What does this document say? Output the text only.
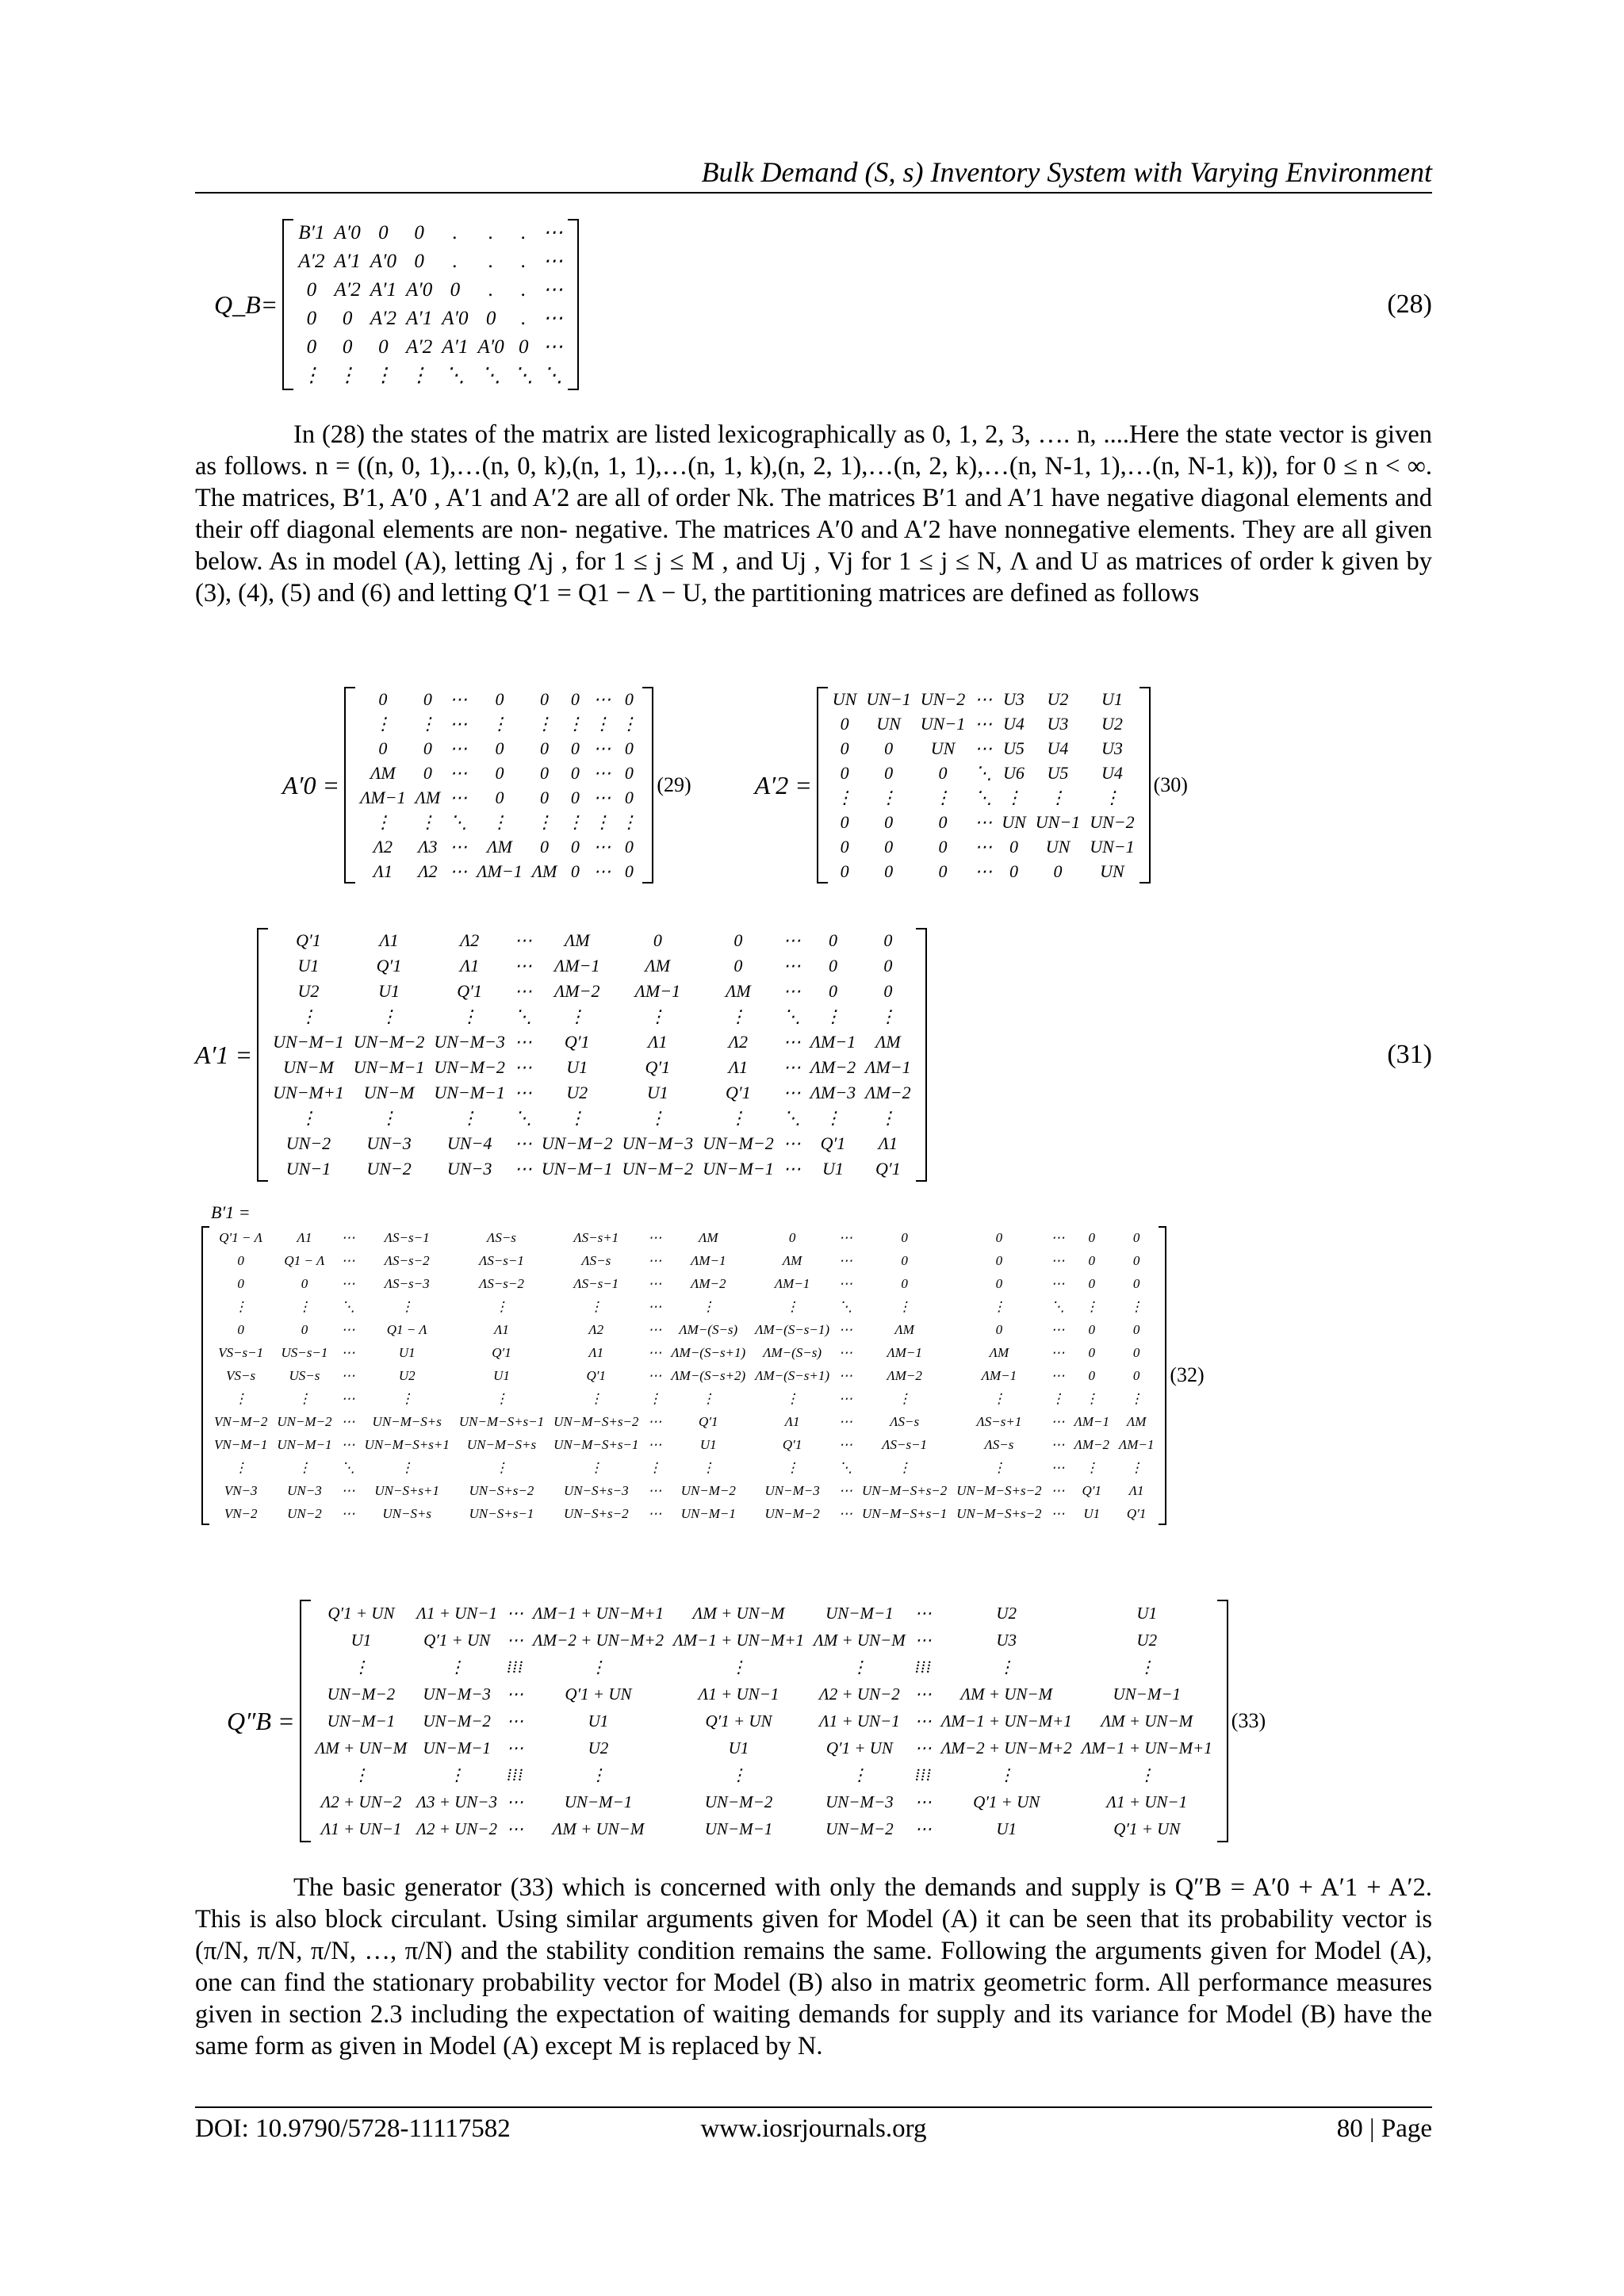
Bulk Demand (S, s) Inventory System with Varying Environment
Q_B=
B′1	A′0	0	0	.	.	.	⋯
A′2	A′1	A′0	0	.	.	.	⋯
0	A′2	A′1	A′0	0	.	.	⋯
0	0	A′2	A′1	A′0	0	.	⋯
0	0	0	A′2	A′1	A′0	0	⋯
⋮	⋮	⋮	⋮	⋱	⋱	⋱	⋱
(28)
In (28) the states of the matrix are listed lexicographically as 0, 1, 2, 3, …. n, ....Here the state vector is given as follows. n = ((n, 0, 1),…(n, 0, k),(n, 1, 1),…(n, 1, k),(n, 2, 1),…(n, 2, k),…(n, N-1, 1),…(n, N-1, k)), for 0 ≤ n < ∞. The matrices, B′1, A′0 , A′1 and A′2 are all of order Nk. The matrices B′1 and A′1 have negative diagonal elements and their off diagonal elements are non- negative. The matrices A′0 and A′2 have nonnegative elements. They are all given below. As in model (A), letting Λj , for 1 ≤ j ≤ M , and Uj , Vj for 1 ≤ j ≤ N, Λ and U as matrices of order k given by (3), (4), (5) and (6) and letting Q′1 = Q1 − Λ − U, the partitioning matrices are defined as follows
A′0 =
0	0	⋯	0	0	0	⋯	0
⋮	⋮	⋯	⋮	⋮	⋮	⋮	⋮
0	0	⋯	0	0	0	⋯	0
ΛM	0	⋯	0	0	0	⋯	0
ΛM−1	ΛM	⋯	0	0	0	⋯	0
⋮	⋮	⋱	⋮	⋮	⋮	⋮	⋮
Λ2	Λ3	⋯	ΛM	0	0	⋯	0
Λ1	Λ2	⋯	ΛM−1	ΛM	0	⋯	0
(29)	A′2 =
UN	UN−1	UN−2	⋯	U3	U2	U1
0	UN	UN−1	⋯	U4	U3	U2
0	0	UN	⋯	U5	U4	U3
0	0	0	⋱	U6	U5	U4
⋮	⋮	⋮	⋱	⋮	⋮	⋮
0	0	0	⋯	UN	UN−1	UN−2
0	0	0	⋯	0	UN	UN−1
0	0	0	⋯	0	0	UN
(30)
A′1 =
Q′1	Λ1	Λ2	⋯	ΛM	0	0	⋯	0	0
U1	Q′1	Λ1	⋯	ΛM−1	ΛM	0	⋯	0	0
U2	U1	Q′1	⋯	ΛM−2	ΛM−1	ΛM	⋯	0	0
⋮	⋮	⋮	⋱	⋮	⋮	⋮	⋱	⋮	⋮
UN−M−1	UN−M−2	UN−M−3	⋯	Q′1	Λ1	Λ2	⋯	ΛM−1	ΛM
UN−M	UN−M−1	UN−M−2	⋯	U1	Q′1	Λ1	⋯	ΛM−2	ΛM−1
UN−M+1	UN−M	UN−M−1	⋯	U2	U1	Q′1	⋯	ΛM−3	ΛM−2
⋮	⋮	⋮	⋱	⋮	⋮	⋮	⋱	⋮	⋮
UN−2	UN−3	UN−4	⋯	UN−M−2	UN−M−3	UN−M−2	⋯	Q′1	Λ1
UN−1	UN−2	UN−3	⋯	UN−M−1	UN−M−2	UN−M−1	⋯	U1	Q′1
(31)
B′1 =
Q′1 − Λ	Λ1	⋯	ΛS−s−1	ΛS−s	ΛS−s+1	⋯	ΛM	0	⋯	0	0	⋯	0	0
0	Q1 − Λ	⋯	ΛS−s−2	ΛS−s−1	ΛS−s	⋯	ΛM−1	ΛM	⋯	0	0	⋯	0	0
0	0	⋯	ΛS−s−3	ΛS−s−2	ΛS−s−1	⋯	ΛM−2	ΛM−1	⋯	0	0	⋯	0	0
⋮	⋮	⋱	⋮	⋮	⋮	⋯	⋮	⋮	⋱	⋮	⋮	⋱	⋮	⋮
0	0	⋯	Q1 − Λ	Λ1	Λ2	⋯	ΛM−(S−s)	ΛM−(S−s−1)	⋯	ΛM	0	⋯	0	0
VS−s−1	US−s−1	⋯	U1	Q′1	Λ1	⋯	ΛM−(S−s+1)	ΛM−(S−s)	⋯	ΛM−1	ΛM	⋯	0	0
VS−s	US−s	⋯	U2	U1	Q′1	⋯	ΛM−(S−s+2)	ΛM−(S−s+1)	⋯	ΛM−2	ΛM−1	⋯	0	0
⋮	⋮	⋯	⋮	⋮	⋮	⋮	⋮	⋮	⋯	⋮	⋮	⋮	⋮	⋮
VN−M−2	UN−M−2	⋯	UN−M−S+s	UN−M−S+s−1	UN−M−S+s−2	⋯	Q′1	Λ1	⋯	ΛS−s	ΛS−s+1	⋯	ΛM−1	ΛM
VN−M−1	UN−M−1	⋯	UN−M−S+s+1	UN−M−S+s	UN−M−S+s−1	⋯	U1	Q′1	⋯	ΛS−s−1	ΛS−s	⋯	ΛM−2	ΛM−1
⋮	⋮	⋱	⋮	⋮	⋮	⋮	⋮	⋮	⋱	⋮	⋮	⋯	⋮	⋮
VN−3	UN−3	⋯	UN−S+s+1	UN−S+s−2	UN−S+s−3	⋯	UN−M−2	UN−M−3	⋯	UN−M−S+s−2	UN−M−S+s−2	⋯	Q′1	Λ1
VN−2	UN−2	⋯	UN−S+s	UN−S+s−1	UN−S+s−2	⋯	UN−M−1	UN−M−2	⋯	UN−M−S+s−1	UN−M−S+s−2	⋯	U1	Q′1
(32)
Q″B =
Q′1 + UN	Λ1 + UN−1	⋯	ΛM−1 + UN−M+1	ΛM + UN−M	UN−M−1	⋯	U2	U1
U1	Q′1 + UN	⋯	ΛM−2 + UN−M+2	ΛM−1 + UN−M+1	ΛM + UN−M	⋯	U3	U2
⋮	⋮	⁞⁞⁞	⋮	⋮	⋮	⁞⁞⁞	⋮	⋮
UN−M−2	UN−M−3	⋯	Q′1 + UN	Λ1 + UN−1	Λ2 + UN−2	⋯	ΛM + UN−M	UN−M−1
UN−M−1	UN−M−2	⋯	U1	Q′1 + UN	Λ1 + UN−1	⋯	ΛM−1 + UN−M+1	ΛM + UN−M
ΛM + UN−M	UN−M−1	⋯	U2	U1	Q′1 + UN	⋯	ΛM−2 + UN−M+2	ΛM−1 + UN−M+1
⋮	⋮	⁞⁞⁞	⋮	⋮	⋮	⁞⁞⁞	⋮	⋮
Λ2 + UN−2	Λ3 + UN−3	⋯	UN−M−1	UN−M−2	UN−M−3	⋯	Q′1 + UN	Λ1 + UN−1
Λ1 + UN−1	Λ2 + UN−2	⋯	ΛM + UN−M	UN−M−1	UN−M−2	⋯	U1	Q′1 + UN
(33)
The basic generator (33) which is concerned with only the demands and supply is Q″B = A′0 + A′1 + A′2. This is also block circulant. Using similar arguments given for Model (A) it can be seen that its probability vector is (π/N, π/N, π/N, …, π/N) and the stability condition remains the same. Following the arguments given for Model (A), one can find the stationary probability vector for Model (B) also in matrix geometric form. All performance measures given in section 2.3 including the expectation of waiting demands for supply and its variance for Model (B) have the same form as given in Model (A) except M is replaced by N.
DOI: 10.9790/5728-11117582	www.iosrjournals.org	80 | Page
